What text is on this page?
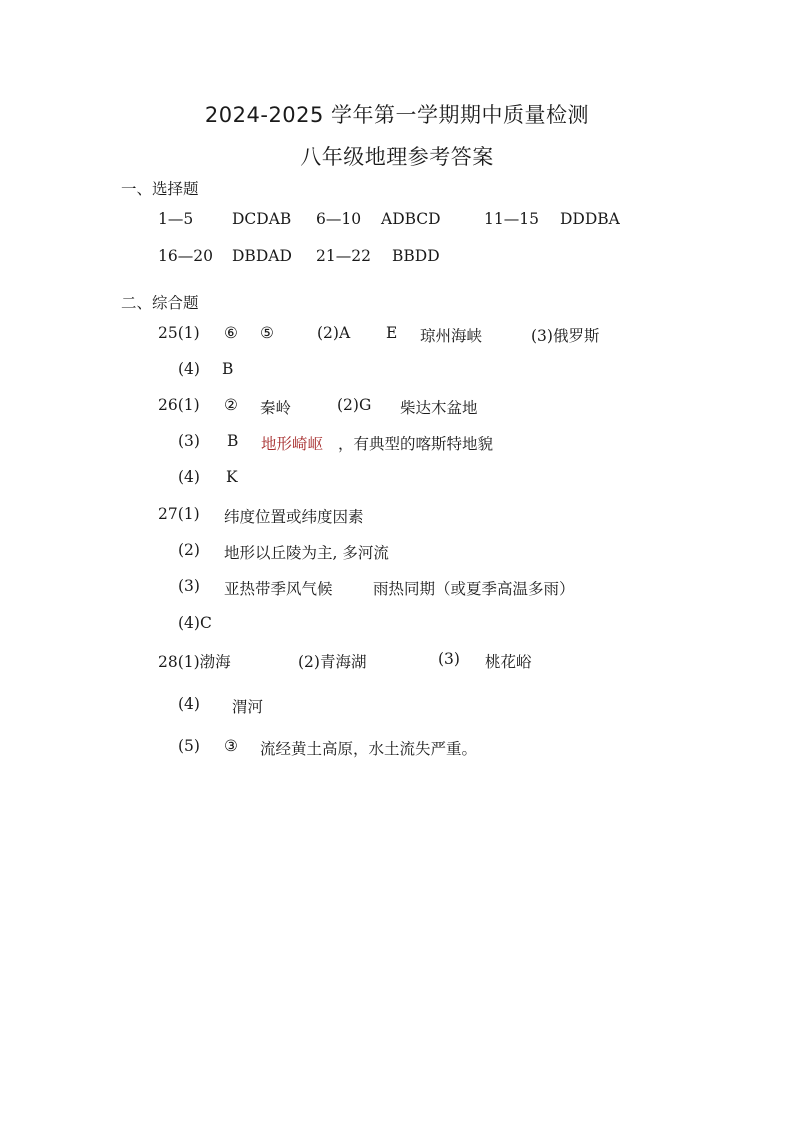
2024-2025 学年第一学期期中质量检测
八年级地理参考答案
一、选择题
1—5	DCDAB 6—10 ADBCD	11—15 DDDBA
16—20 DBDAD 21—22 BBDD
二、综合题
25(1) ⑥ ⑤	(2)A E 琼州海峡	(3)俄罗斯
(4) B
26(1) ② 秦岭	(2)G 柴达木盆地
(3) B 地形崎岖 ，有典型的喀斯特地貌
(4) K
27(1) 纬度位置或纬度因素
(2) 地形以丘陵为主, 多河流
(3) 亚热带季风气候	雨热同期（或夏季高温多雨）
(4)C
28(1)渤海	(2)青海湖	(3) 桃花峪
(4) 渭河
(5) ③ 流经黄土高原，水土流失严重。
